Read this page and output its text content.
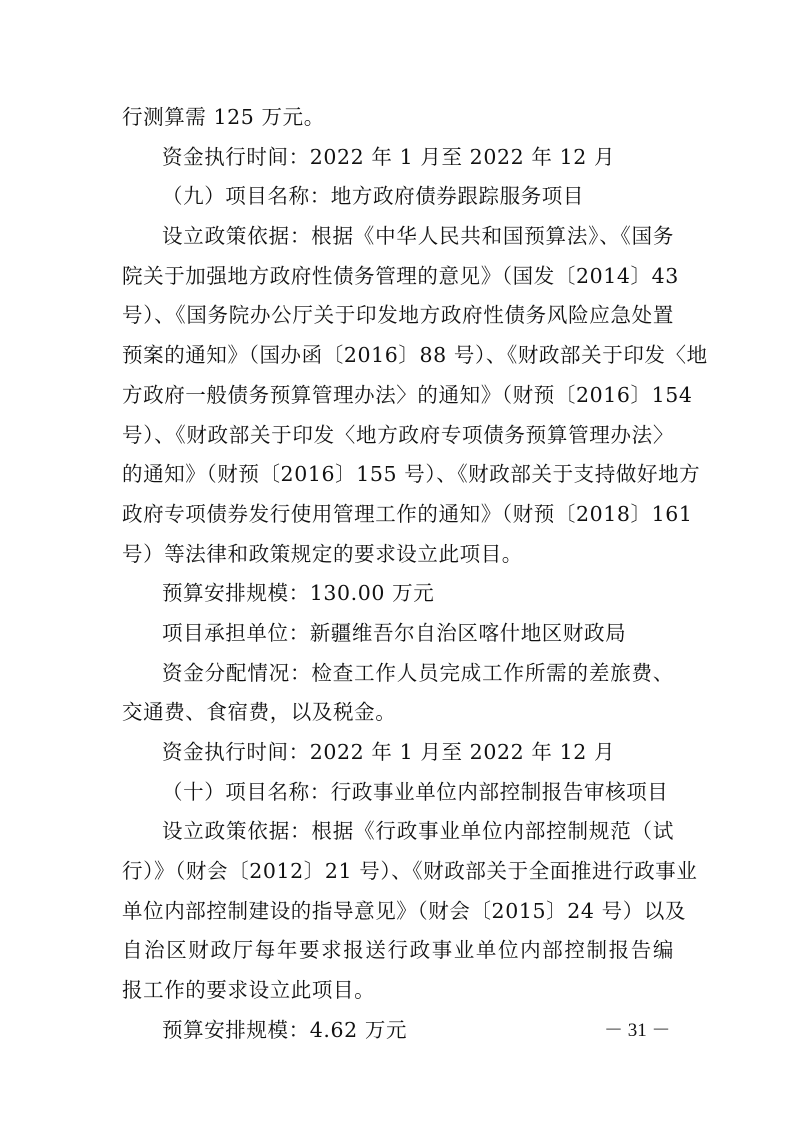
行测算需 125 万元。
资金执行时间：2022 年 1 月至 2022 年 12 月
（九）项目名称：地方政府债券跟踪服务项目
设立政策依据：根据《中华人民共和国预算法》、《国务
院关于加强地方政府性债务管理的意见》（国发〔2014〕43
号）、《国务院办公厅关于印发地方政府性债务风险应急处置
预案的通知》（国办函〔2016〕88 号）、《财政部关于印发〈地
方政府一般债务预算管理办法〉的通知》（财预〔2016〕154
号）、《财政部关于印发〈地方政府专项债务预算管理办法〉
的通知》（财预〔2016〕155 号）、《财政部关于支持做好地方
政府专项债券发行使用管理工作的通知》（财预〔2018〕161
号）等法律和政策规定的要求设立此项目。
预算安排规模：130.00 万元
项目承担单位：新疆维吾尔自治区喀什地区财政局
资金分配情况：检查工作人员完成工作所需的差旅费、
交通费、食宿费，以及税金。
资金执行时间：2022 年 1 月至 2022 年 12 月
（十）项目名称：行政事业单位内部控制报告审核项目
设立政策依据：根据《行政事业单位内部控制规范（试
行）》（财会〔2012〕21 号）、《财政部关于全面推进行政事业
单位内部控制建设的指导意见》（财会〔2015〕24 号）以及
自治区财政厅每年要求报送行政事业单位内部控制报告编
报工作的要求设立此项目。
预算安排规模：4.62 万元	－ 31 －
